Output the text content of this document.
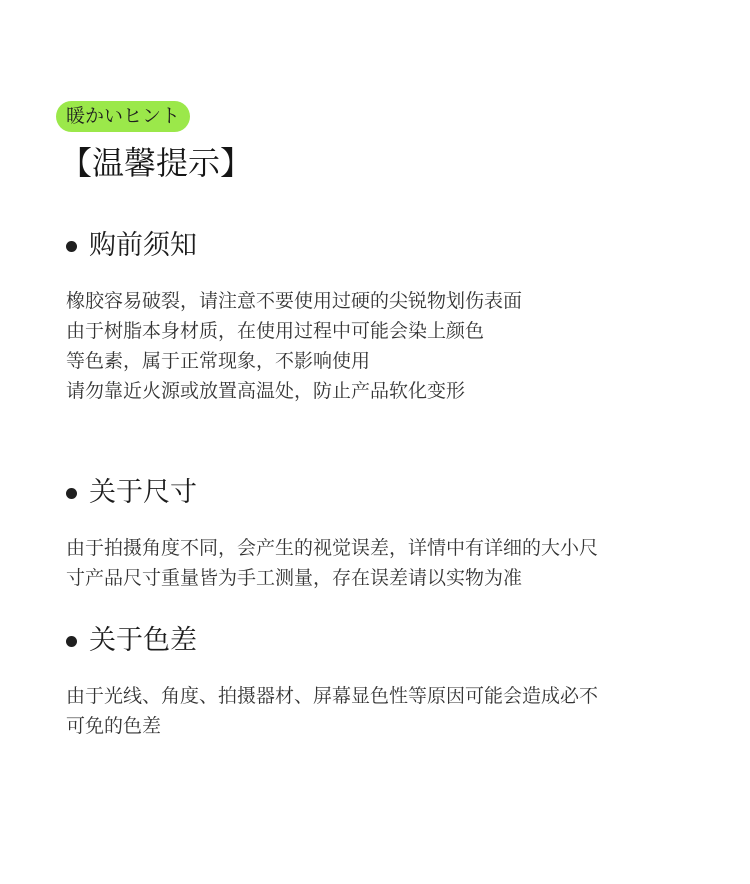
暖かいヒント
【温馨提示】
购前须知
橡胶容易破裂，请注意不要使用过硬的尖锐物划伤表面
由于树脂本身材质，在使用过程中可能会染上颜色
等色素，属于正常现象，不影响使用
请勿靠近火源或放置高温处，防止产品软化变形
关于尺寸
由于拍摄角度不同，会产生的视觉误差，详情中有详细的大小尺
寸产品尺寸重量皆为手工测量，存在误差请以实物为准
关于色差
由于光线、角度、拍摄器材、屏幕显色性等原因可能会造成必不
可免的色差
